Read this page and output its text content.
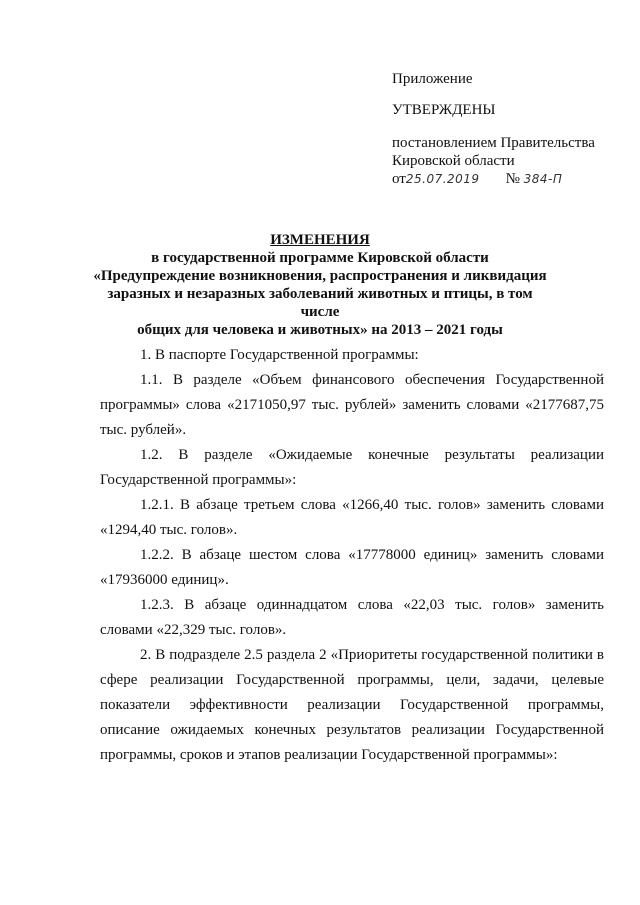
Приложение
УТВЕРЖДЕНЫ
постановлением Правительства
Кировской области
от25.07.2019 № 384-П
ИЗМЕНЕНИЯ
в государственной программе Кировской области
«Предупреждение возникновения, распространения и ликвидация
заразных и незаразных заболеваний животных и птицы, в том числе
общих для человека и животных» на 2013 – 2021 годы

1. В паспорте Государственной программы:

1.1. В разделе «Объем финансового обеспечения Государственной программы» слова «2171050,97 тыс. рублей» заменить словами «2177687,75 тыс. рублей».

1.2. В разделе «Ожидаемые конечные результаты реализации Государственной программы»:

1.2.1. В абзаце третьем слова «1266,40 тыс. голов» заменить словами «1294,40 тыс. голов».

1.2.2. В абзаце шестом слова «17778000 единиц» заменить словами «17936000 единиц».

1.2.3. В абзаце одиннадцатом слова «22,03 тыс. голов» заменить словами «22,329 тыс. голов».

2. В подразделе 2.5 раздела 2 «Приоритеты государственной политики в сфере реализации Государственной программы, цели, задачи, целевые показатели эффективности реализации Государственной программы, описание ожидаемых конечных результатов реализации Государственной программы, сроков и этапов реализации Государственной программы»:
